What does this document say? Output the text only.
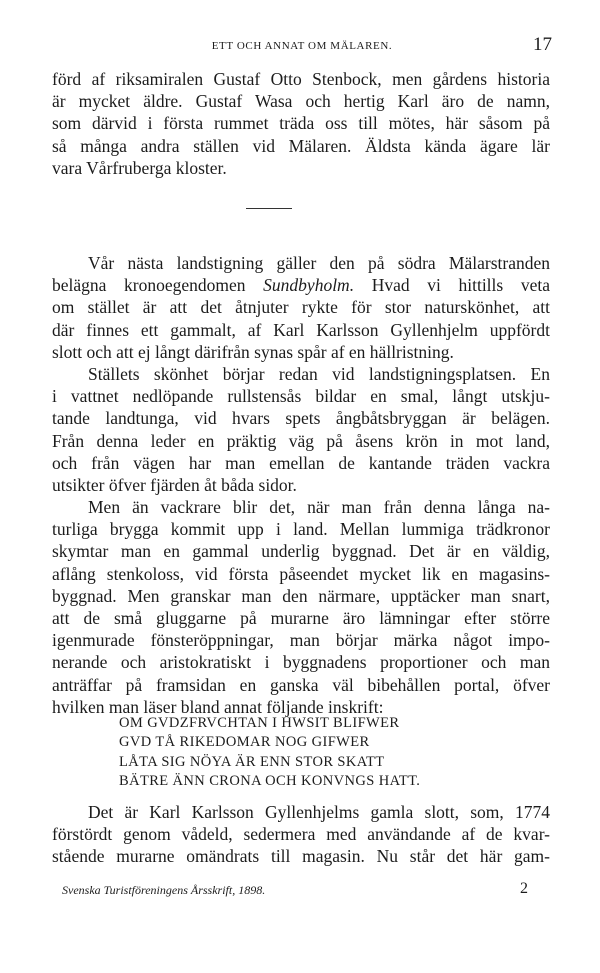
ETT OCH ANNAT OM MÄLAREN.	17
förd af riksamiralen Gustaf Otto Stenbock, men gårdens historia
är mycket äldre. Gustaf Wasa och hertig Karl äro de namn,
som därvid i första rummet träda oss till mötes, här såsom på
så många andra ställen vid Mälaren. Äldsta kända ägare lär
vara Vårfruberga kloster.
Vår nästa landstigning gäller den på södra Mälarstranden
belägna kronoegendomen Sundbyholm. Hvad vi hittills veta
om stället är att det åtnjuter rykte för stor naturskönhet, att
där finnes ett gammalt, af Karl Karlsson Gyllenhjelm uppfördt
slott och att ej långt därifrån synas spår af en hällristning.
Ställets skönhet börjar redan vid landstigningsplatsen. En
i vattnet nedlöpande rullstensås bildar en smal, långt utskju-
tande landtunga, vid hvars spets ångbåtsbryggan är belägen.
Från denna leder en präktig väg på åsens krön in mot land,
och från vägen har man emellan de kantande träden vackra
utsikter öfver fjärden åt båda sidor.
Men än vackrare blir det, när man från denna långa na-
turliga brygga kommit upp i land. Mellan lummiga trädkronor
skymtar man en gammal underlig byggnad. Det är en väldig,
aflång stenkoloss, vid första påseendet mycket lik en magasins-
byggnad. Men granskar man den närmare, upptäcker man snart,
att de små gluggarne på murarne äro lämningar efter större
igenmurade fönsteröppningar, man börjar märka något impo-
nerande och aristokratiskt i byggnadens proportioner och man
anträffar på framsidan en ganska väl bibehållen portal, öfver
hvilken man läser bland annat följande inskrift:
OM GVDZFRVCHTAN I HWSIT BLIFWER
GVD TÅ RIKEDOMAR NOG GIFWER
LÅTA SIG NÖYA ÄR ENN STOR SKATT
BÄTRE ÄNN CRONA OCH KONVNGS HATT.
Det är Karl Karlsson Gyllenhjelms gamla slott, som, 1774
förstördt genom vådeld, sedermera med användande af de kvar-
stående murarne omändrats till magasin. Nu står det här gam-
Svenska Turistföreningens Årsskrift, 1898.	2
